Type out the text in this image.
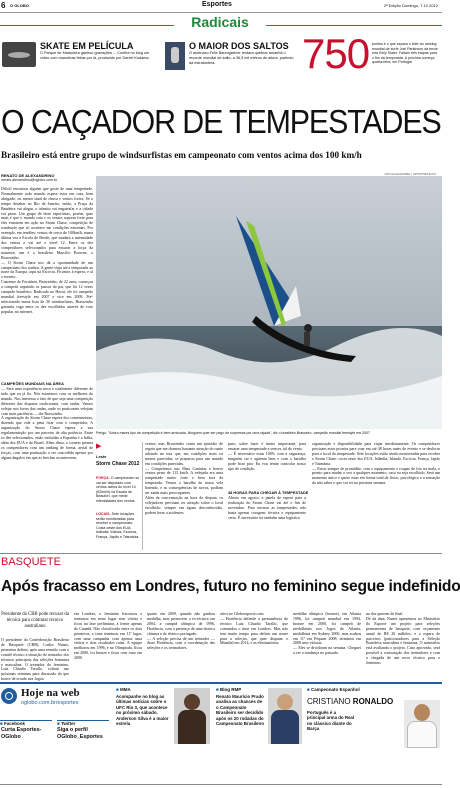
6 O GLOBO	Esportes	2ª Edição Domingo, 7.10.2012
Radicais
SKATE EM PELÍCULA
O Parque de Madureira ganhou gravações ... Confira no blog um vídeo com manobras feitas por lá, produzido por Daniel Kodama.
O MAIOR DOS SALTOS
O austríaco Felix Baumgartner tentará quebrar amanhã o recorde mundial de salto, a 36,5 mil metros de altura, partindo da estratosfera.	750 pontos é o que separa o líder do ranking mundial de surfe Joel Parkinson da tercie eira Kelly Slater. Faltam três etapas para o fim da temporada. A próxima começa, quarta-feira, em Portugal
O CAÇADOR DE TEMPESTADES
Brasileiro está entre grupo de windsurfistas em campeonato com ventos acima dos 100 km/h
RENATO DE ALEXANDRINO
renato.alexandrino@oglobo.com.br
Dificil encontrar alguém que goste de uma tempestade. Normalmente todo mundo espera estar em casa, bem abrigado, ou menor sinal de chuva e ventos fortes. Se o tempo desabar no Rio de Janeiro, então, a Praça da Bandeira vai alagar, o trânsito vai engarrafar e a cidade vai parar. Um grupo de doze esportistas, porém, quer mais é que o mundo caia e os ventos soprem forte para eles entrarem em ação no Storm Chase, competição de windsurfe que só acontece em condições extremas. Por exemplo, em tendões: ventos de cerca de 100km/h, numa última vez a Escola de Benfit, que mudara a intensidade dos ventos e vai até o nível 12. Entre os dez competidores selecionados para encarar a força da natureza, um é o brasileiro Marcilio Browne, o Brawzinho.
— O Storm Chase nos dá a oportunidade de um campeonato dos sonhos. A gente viaja até a temporada ao norte da Europa, aqui na Escócia. Ficamos à espera, e aí o torneio...
Cuarense de Fortaleza, Brawzinho, de 22 anos, começou a competir seguindo os passos do pai, que foi 12 vezes campeão brasileiro. Radicado no Havaí, ele foi campeão mundial freestyle em 2007 e vice em 2008. Pré-selecionado numa lista de 30 windsurfistas, Brawzinho garantiu vaga entre os dez escolhidos através de voto popular, na internet.
CAMPEÕES MUNDIAIS NA ÁREA
— Será uma experiência nova e totalmente diferente de tudo que eu já fiz. Nós estaremos com os melhores do mundo. Nos interessa o fato de que seja uma competição diferente das disputas tradicionais, com ondas. Vamos velejar nos fortes das ondas, onde os praticantes velejam com mais paciência — diz Brawzinho.
A organização do Storm Chase espera dos comentaristas, dizendo que vale a pena ficar com o competidor. A organização do Storm Chase espera a sua regulamentação por um parceiro de alta potência. Entre os dez selecionados, estão incluídas a Espanha e a Itália, além dos EUA e do Brasil. Além disso, o torneio premia os competidores com um ranking de forma, aerial de forças, com uma pontuação a ser concedida apenas por alguns ângulos em que as brechas acontecerem.
DIVULGAÇÃO/BEL | SPORTSPHOTO
Perigo. "Adoro mares tipo de competição é bem arriscada. Ninguém quer ser pego de surpresas por uma rajada", diz o brasileiro Brasceiro, campeão mundial freestyle em 2007
▶
Leste
Storm Chase 2012
FORÇA. O campeonato só vai ser disputado com ventos acima do nível 10 (62km/h) na Escala de Beaufort, que mede intensidades dos ventos.
LOCAIS. Sete locações serão monitoradas para receber o campeonato: Costa oeste dos EUA, Islândia, Irlanda, Escócia, França, Japão e Tasmânia.
ventos, mas Brawzinho conta um episódio de regata que me chamou bastante atenção do rumo adotado na rota que, em condições mais ou menos parecidas, se preparou para um mundo em condições parecidas.
— Competimos nas Ilhas Canárias e houve ventos perto de 113 km/h. A velejada era uma tempestade muito forte e bem fora da temporada. Vemos o barulho da nossa vela batendo, e as consequências de novos, podiam ser ainda mais preocupantes.
Além da concentração na hora da disputa, os velejadores precisam ter atenção sobre o local escolhido: sempre em águas desconhecidas, podem levar a acidentes.
puro, sobre fazer é muito importante, para encarar uma tempestade e vencer, tal do vento.
— É necessário estar 100% com a segurança, ninguém cai e agüenta bem e com o barulho pode ficar pior. Eu vou tentar controlar nosso tipo de condição.
48 HORAS PARA CHEGAR À TEMPESTADE
Aberto em agosto, a janela de espera para a realização do Storm Chase vai até o fim de novembro. Para encarar as tempestades, não basta apenas coragem: técnica e equipamento certo. É necessário ter também uma logística
organização e disponibilidade para viajar imediatamente. Os competidores precisam estar prontos para voar em até 48 horas antes do evento e se deslocar para o local da tempestade. Sete locações estão sendo monitoradas para receber o Storm Chase: costa oeste dos EUA, Islândia, Irlanda, Escócia, França, Japão e Tasmânia.
— Estou sempre de prontidão, com o equipamento e roupas de frio na mala, e pronto para mudar o voo a qualquer momento, caso eu seja escolhido. Será um momento único e quero estar em forma total de físico, psicológico e a sensação do não saber o que vai ter na próxima semana.
BASQUETE
Após fracasso em Londres, futuro no feminino segue indefinido
Presidente da CBB pode recusar da técnica para contratar técnico australiano
O presidente da Confederação Brasileira de Basquete (CBB), Carlos Nunes, prometeu definir, após uma reunião com o comitê técnico a situação do treinador dos técnicos principais das seleções feminina e masculina. O treinador do feminino, Luiz Cláudio Tarallo, voltará nas próximas semanas para discussão do que houve de errado nos Jogos.
em Londres, o feminino fracassou e terminou em nono lugar sem vitória e ficou na fase preliminar, à frente apenas do Canadá. Não classificado entre os dois primeiros, o time terminou em 11º lugar, com uma campanha com apenas uma vitória e dois resultados ruins. A equipe melhorou em 1996, e na Olimpíada, ficou em 2000, foi bronze e ficou com ouro em 2000.
quarto em 2000, quando não ganhou medalha, mas promoveu a ex-técnica em 2004, a campeã olímpica de 1996, Hortência, com a presença de uma técnica chinesa e do técnico português.
— A seleção precisa de um treinador — disse Hortência, com a coordenação das seleções e os treinadores.
ativo no Globoesporte.com.
— Hortência defende a permanência do técnico Luiz Cláudio Tarallo, que comandou o time em Londres. Mas não tem muito tempo para definir um nome para a seleção, que quer disputar o Mundial em 2014, e as eliminatórias.
medalha olímpica (bronze), em Atlanta 1996, foi campeã mundial em 1994, bronze em 2000, foi campeã de medalhistas nos Jogos de Atlanta, medalhista em Sydney 2000, mas acabou em 11º em Pequim 2008, terminou em 2008 sem vitórias.
— Eles se dividiram na semana. Cheguei a ver a mudança no passado.
na dos querem de final.
De da data, Nunes apresentou ao Ministério do Esporte um projeto para seleções permanentes de basquete, com orçamento anual de R$ 20 milhões, e a espera de parceiros (patrocinadores para a Seleção Brasileira masculina e feminina. O ministério está avaliando o projeto. Caso aprovado, será possível a contratação dos treinadores e com a chegada de um novo técnico para o feminino.
Hoje na web
oglobo.com.br/esportes
■ Facebook
Curta Esportes-OGlobo
■ Twitter
Siga o perfil OGlobo_Esportes
■ MMA
Acompanhe no blog as últimas notícias sobre o UFC Rio 3, que acontece no próximo sábado. Anderson Silva é a maior estrela
■ Blog RMP
Renato Maurício Prado analisa as chances de o Campeonato Brasileiro ser decidido após os 20 rodadas do Campeonato Brasileiro
■ Campeonato Espanhol
CRISTIANO RONALDO
Português é a principal arma do Real no clássico diante do Barça
